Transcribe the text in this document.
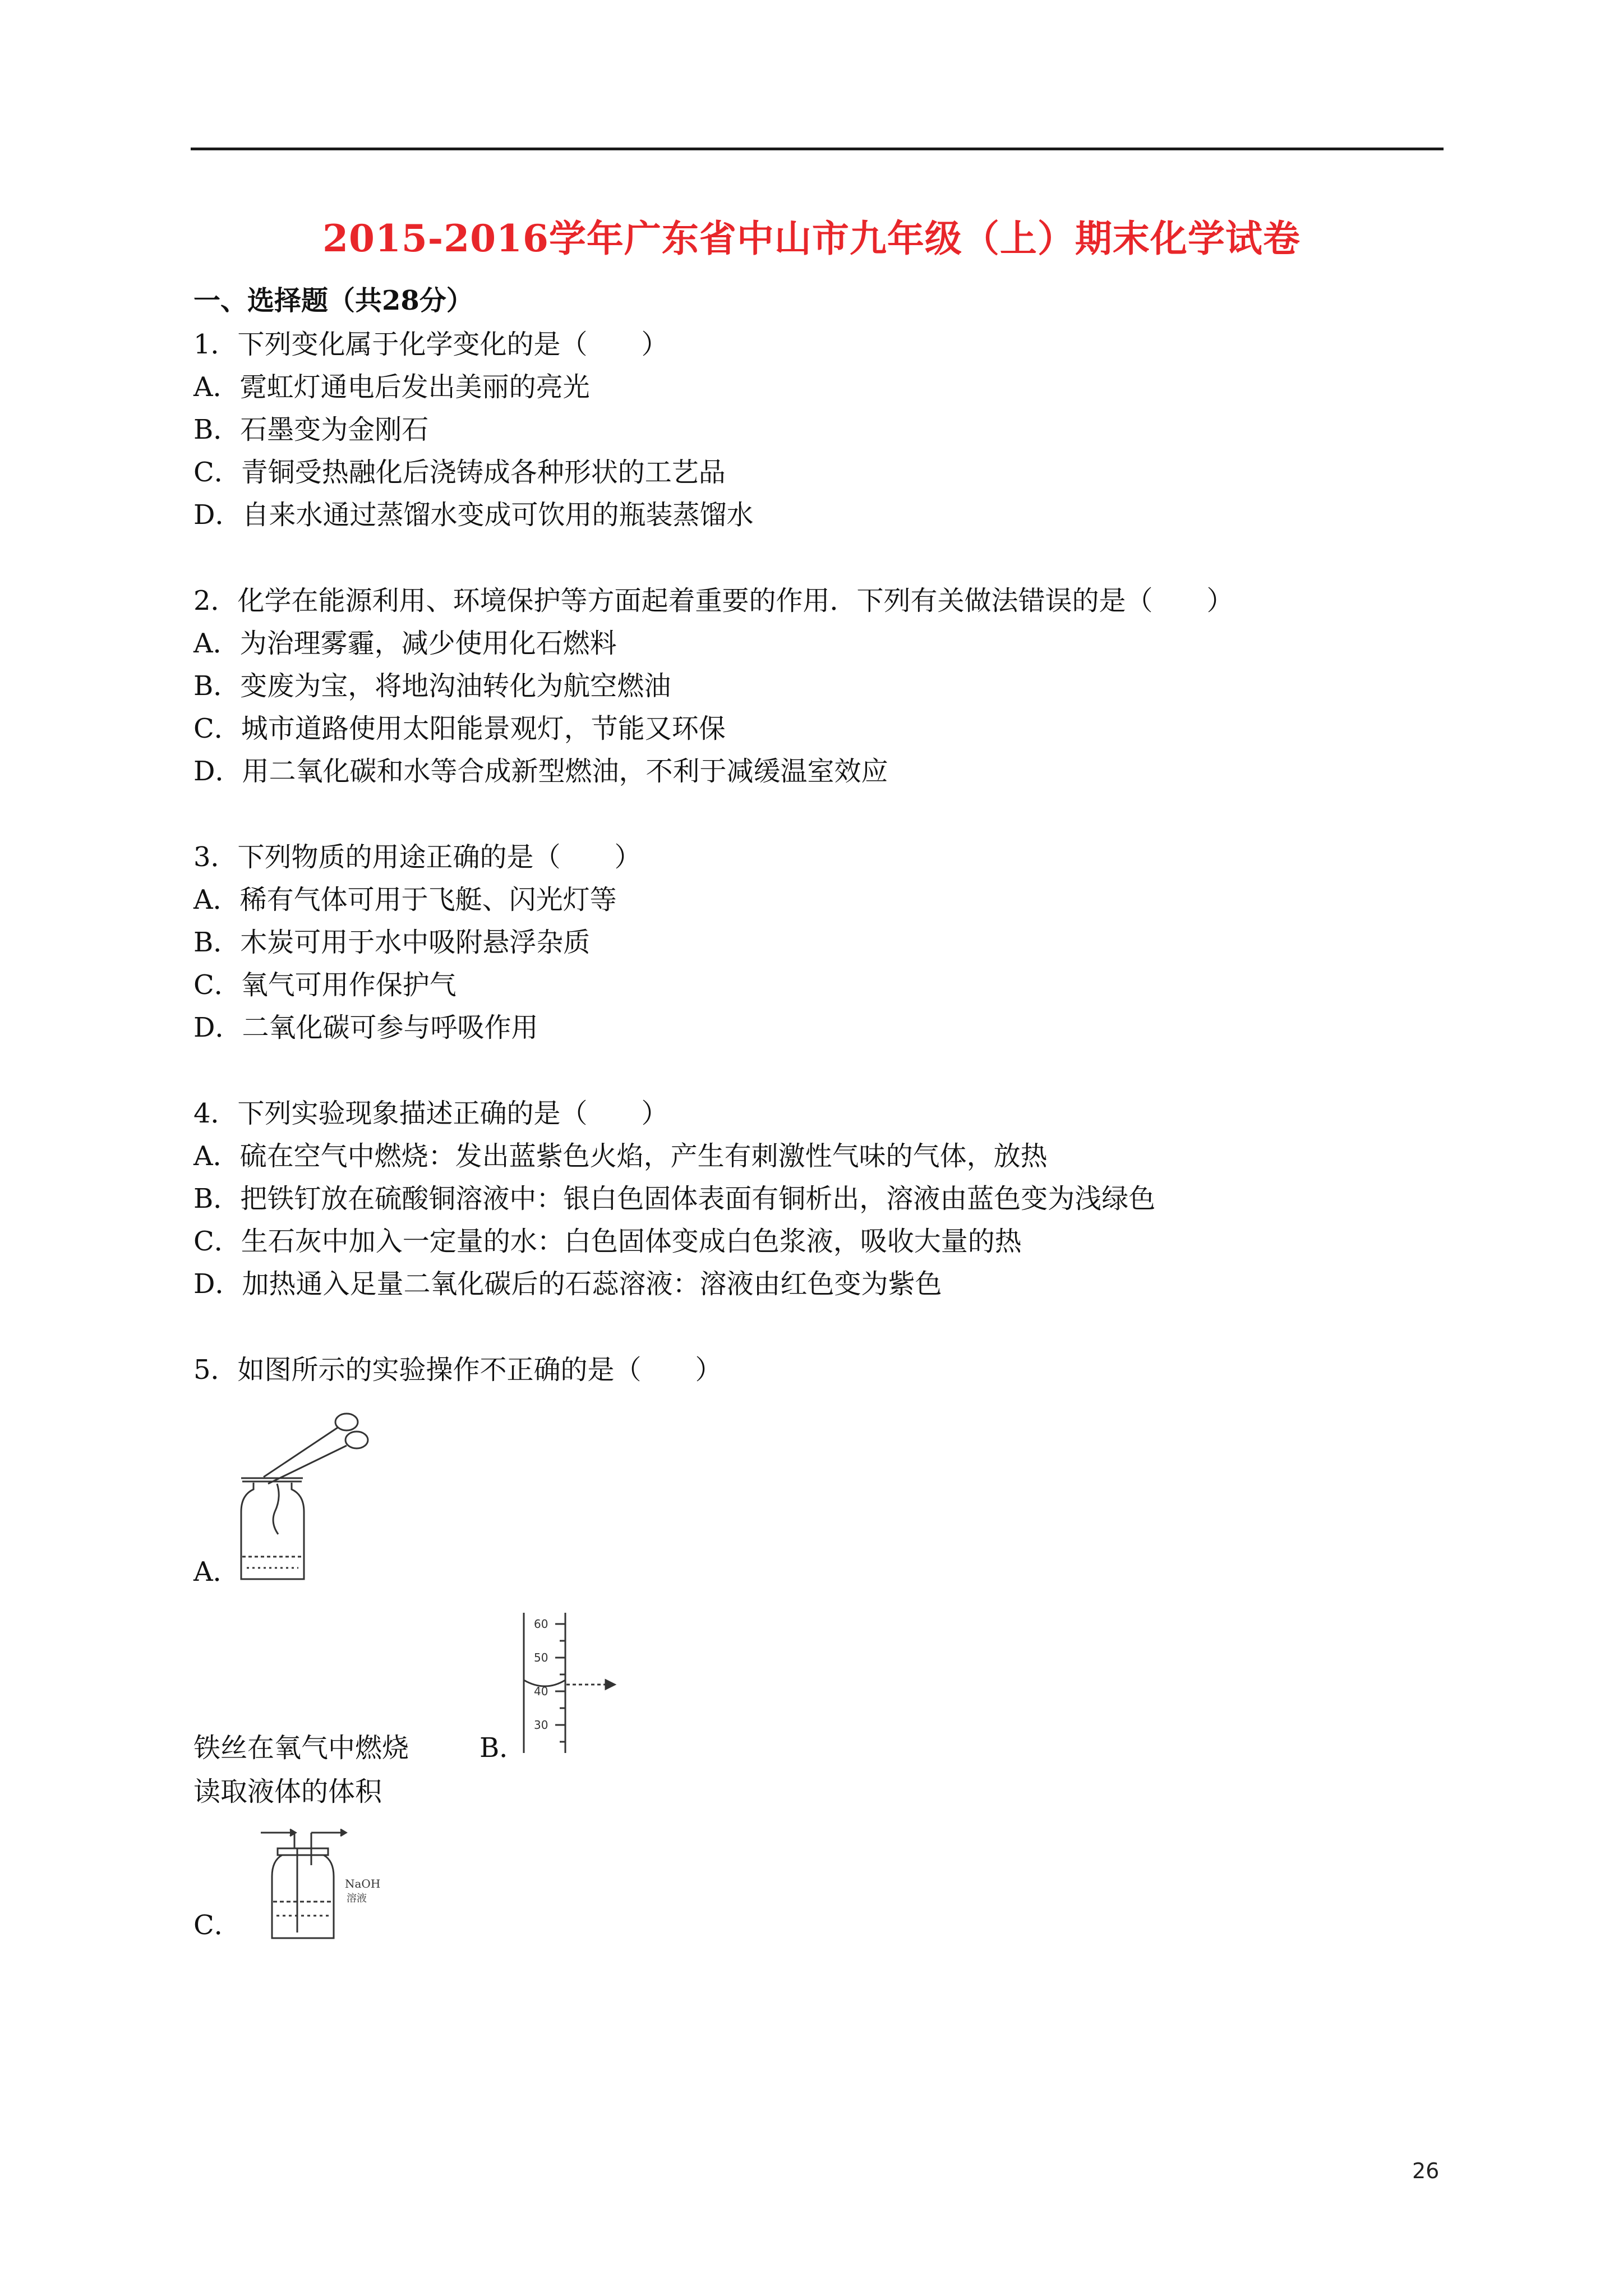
2015-2016学年广东省中山市九年级（上）期末化学试卷
一、选择题（共28分）
1．下列变化属于化学变化的是（　　）
A．霓虹灯通电后发出美丽的亮光
B．石墨变为金刚石
C．青铜受热融化后浇铸成各种形状的工艺品
D．自来水通过蒸馏水变成可饮用的瓶装蒸馏水
2．化学在能源利用、环境保护等方面起着重要的作用．下列有关做法错误的是（　　）
A．为治理雾霾，减少使用化石燃料
B．变废为宝，将地沟油转化为航空燃油
C．城市道路使用太阳能景观灯，节能又环保
D．用二氧化碳和水等合成新型燃油，不利于减缓温室效应
3．下列物质的用途正确的是（　　）
A．稀有气体可用于飞艇、闪光灯等
B．木炭可用于水中吸附悬浮杂质
C．氧气可用作保护气
D．二氧化碳可参与呼吸作用
4．下列实验现象描述正确的是（　　）
A．硫在空气中燃烧：发出蓝紫色火焰，产生有刺激性气味的气体，放热
B．把铁钉放在硫酸铜溶液中：银白色固体表面有铜析出，溶液由蓝色变为浅绿色
C．生石灰中加入一定量的水：白色固体变成白色浆液，吸收大量的热
D．加热通入足量二氧化碳后的石蕊溶液：溶液由红色变为紫色
5．如图所示的实验操作不正确的是（　　）
A．
铁丝在氧气中燃烧	B．
60
50
40
30
读取液体的体积
NaOH
溶液
C．
26
